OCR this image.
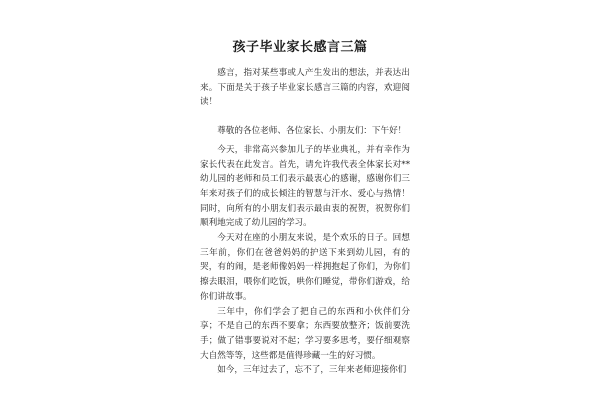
孩子毕业家长感言三篇

感言，指对某些事或人产生发出的想法，并表达出来。下面是关于孩子毕业家长感言三篇的内容，欢迎阅读！

尊敬的各位老师、各位家长、小朋友们：下午好！

今天，非常高兴参加儿子的毕业典礼，并有幸作为家长代表在此发言。首先，请允许我代表全体家长对**幼儿园的老师和员工们表示最衷心的感谢，感谢你们三年来对孩子们的成长倾注的智慧与汗水、爱心与热情！同时，向所有的小朋友们表示最由衷的祝贺，祝贺你们顺利地完成了幼儿园的学习。

今天对在座的小朋友来说，是个欢乐的日子。回想三年前，你们在爸爸妈妈的护送下来到幼儿园，有的哭，有的闹，是老师像妈妈一样拥抱起了你们，为你们擦去眼泪，喂你们吃饭，哄你们睡觉，带你们游戏，给你们讲故事。

三年中，你们学会了把自己的东西和小伙伴们分享；不是自己的东西不要拿；东西要放整齐；饭前要洗手；做了错事要说对不起；学习要多思考，要仔细观察大自然等等，这些都是值得珍藏一生的好习惯。

如今，三年过去了，忘不了，三年来老师迎接你们
